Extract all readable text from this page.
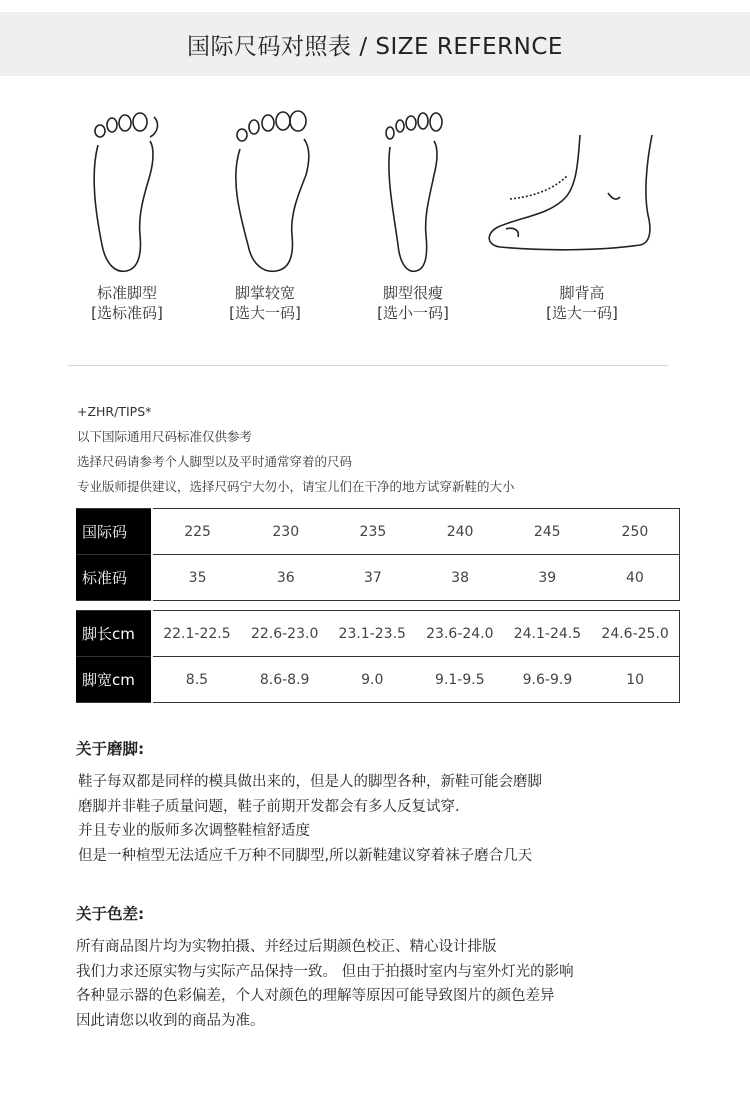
国际尺码对照表 / SIZE REFERNCE
标准脚型
[选标准码]
脚掌较宽
[选大一码]
脚型很瘦
[选小一码]
脚背高
[选大一码]
+ZHR/TIPS*
以下国际通用尺码标准仅供参考
选择尺码请参考个人脚型以及平时通常穿着的尺码
专业版师提供建议，选择尺码宁大勿小，请宝儿们在干净的地方试穿新鞋的大小
国际码	225	230	235	240	245	250
标准码	35	36	37	38	39	40
脚长cm	22.1-22.5	22.6-23.0	23.1-23.5	23.6-24.0	24.1-24.5	24.6-25.0
脚宽cm	8.5	8.6-8.9	9.0	9.1-9.5	9.6-9.9	10
关于磨脚:
鞋子每双都是同样的模具做出来的，但是人的脚型各种，新鞋可能会磨脚
磨脚并非鞋子质量问题，鞋子前期开发都会有多人反复试穿.
并且专业的版师多次调整鞋楦舒适度
但是一种楦型无法适应千万种不同脚型,所以新鞋建议穿着袜子磨合几天
关于色差:
所有商品图片均为实物拍摄、并经过后期颜色校正、精心设计排版
我们力求还原实物与实际产品保持一致。 但由于拍摄时室内与室外灯光的影响
各种显示器的色彩偏差，个人对颜色的理解等原因可能导致图片的颜色差异
因此请您以收到的商品为准。
